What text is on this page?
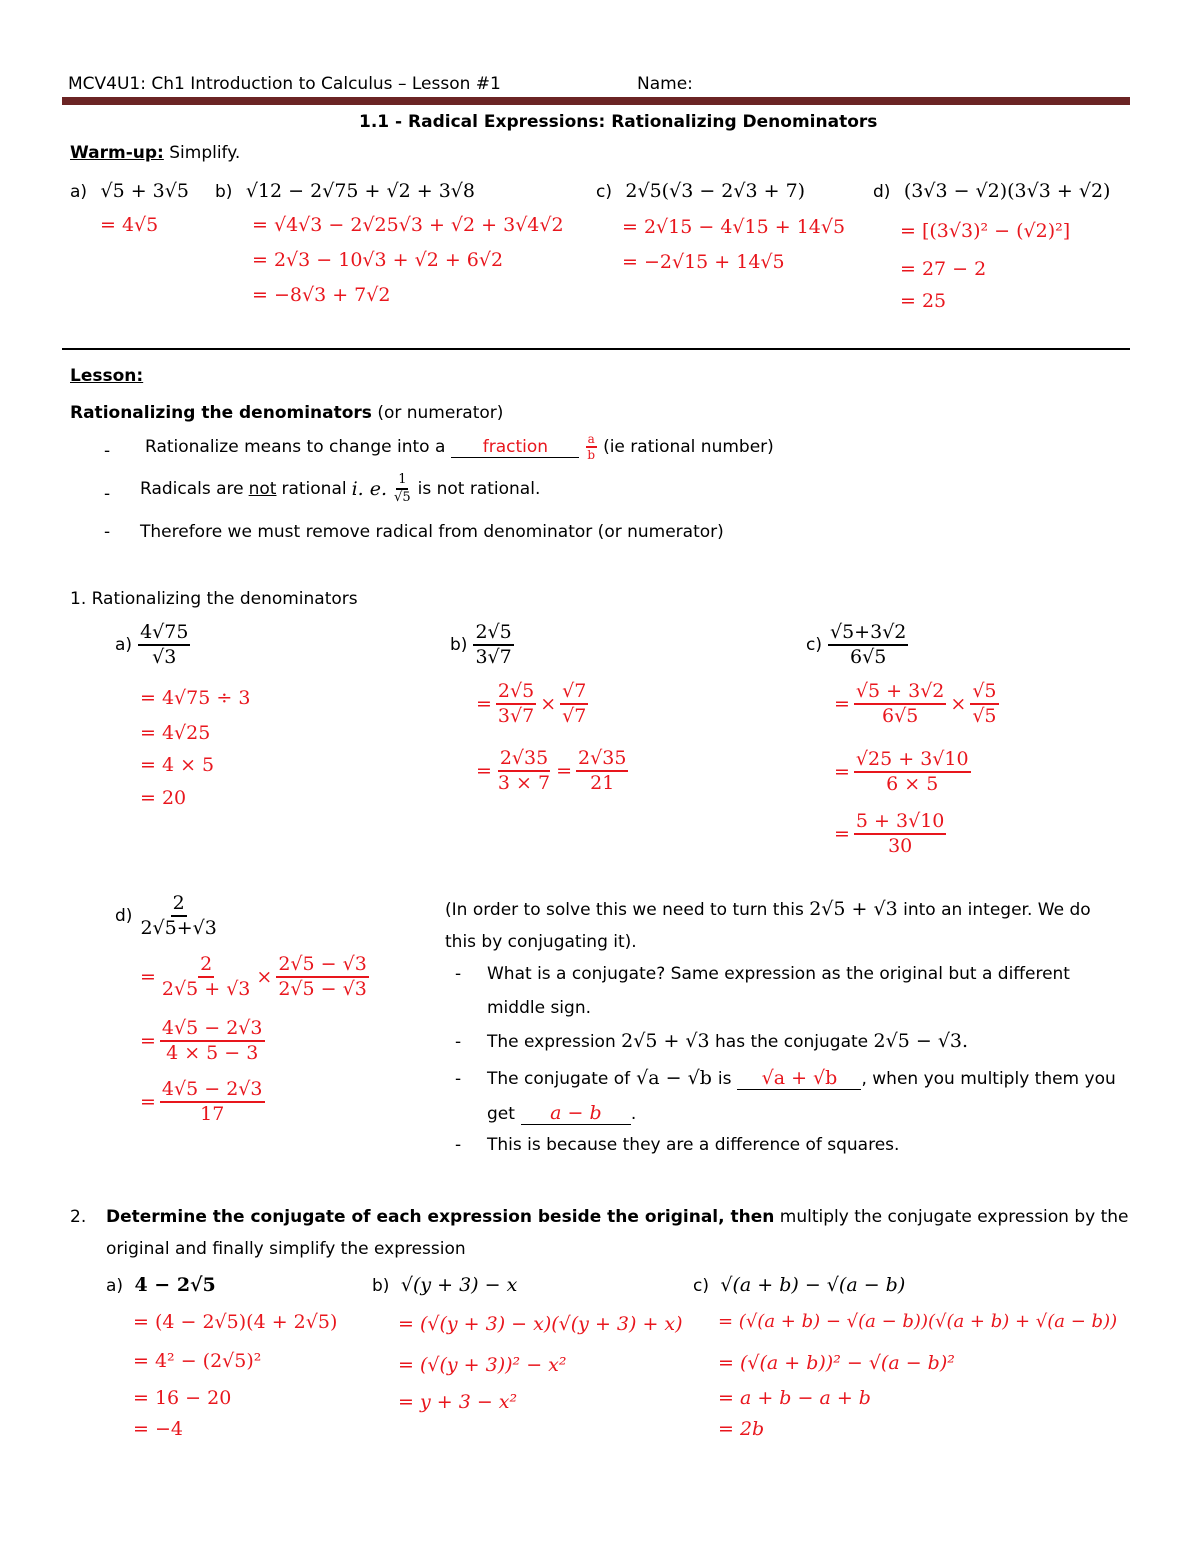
MCV4U1: Ch1 Introduction to Calculus – Lesson #1	Name:
1.1 - Radical Expressions: Rationalizing Denominators
Warm-up: Simplify.
a) √5 + 3√5
= 4√5
b) √12 − 2√75 + √2 + 3√8
= √4√3 − 2√25√3 + √2 + 3√4√2
= 2√3 − 10√3 + √2 + 6√2
= −8√3 + 7√2
c) 2√5(√3 − 2√3 + 7)
= 2√15 − 4√15 + 14√5
= −2√15 + 14√5
d) (3√3 − √2)(3√3 + √2)
= [(3√3)² − (√2)²]
= 27 − 2
= 25
Lesson:
Rationalizing the denominators (or numerator)
- Rationalize means to change into a	fraction	$\frac{a}{b} (ie$ rational number)
- Radicals are not rational i. e. $\frac{1}{√5}$ is not rational.
- Therefore we must remove radical from denominator (or numerator)
1. Rationalizing the denominators
$a) \frac{4√75}{√3}$
= 4√75 ÷ 3
= 4√25
= 4 × 5
= 20
$b) \frac{2√5}{3√7}$
= $\frac{2√5}{3√7} \times \frac{√7}{√7}$
= $\frac{2√35}{3 \times 7} = \frac{2√35}{21}$
$c) \frac{√5+3√2}{6√5}$
= $\frac{√5 + 3√2}{6√5} \times \frac{√5}{√5}$
= $\frac{√25 + 3√10}{6 \times 5}$
= $\frac{5 + 3√10}{30}$
$d) \frac{2}{2√5+√3}$
= $\frac{2}{2√5 + √3} \times \frac{2√5 - √3}{2√5 - √3}$
= $\frac{4√5 - 2√3}{4 \times 5 - 3}$
= $\frac{4√5 - 2√3}{17}$
(In order to solve this we need to turn this 2√5 + √3 into an integer. We do
this by conjugating it).
- What is a conjugate? Same expression as the original but a different
middle sign.
- The expression 2√5 + √3 has the conjugate 2√5 − √3.
- The conjugate of √a − √b is	√a + √b	, when you multiply them you
get	a − b	.
- This is because they are a difference of squares.
2. Determine the conjugate of each expression beside the original, then multiply the conjugate expression by the
original and finally simplify the expression
a) 4 − 2√5
= (4 − 2√5)(4 + 2√5)
= 4² − (2√5)²
= 16 − 20
= −4
b) √(y + 3) − x
= (√(y + 3) − x)(√(y + 3) + x)
= (√(y + 3))² − x²
= y + 3 − x²
c) √(a + b) − √(a − b)
= (√(a + b) − √(a − b))(√(a + b) + √(a − b))
= (√(a + b))² − √(a − b)²
= a + b − a + b
= 2b
